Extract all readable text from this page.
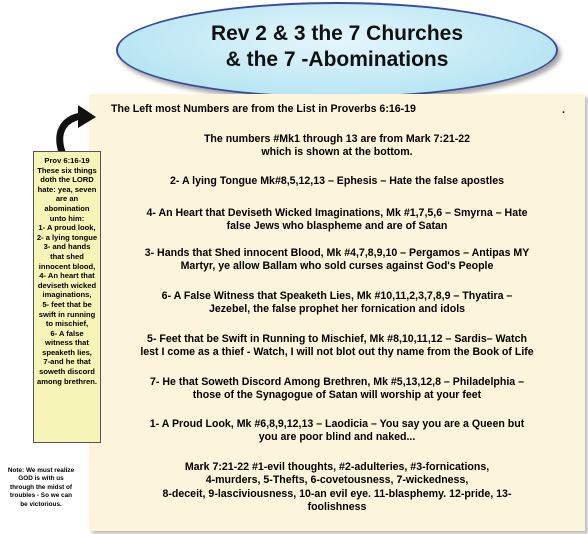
Rev 2 & 3 the 7 Churches
& the 7 -Abominations
The Left most Numbers are from the List in Proverbs 6:16-19	.
The numbers #Mk1 through 13 are from Mark 7:21-22
which is shown at the bottom.
2- A lying Tongue Mk#8,5,12,13 – Ephesis – Hate the false apostles
4- An Heart that Deviseth Wicked Imaginations, Mk #1,7,5,6 – Smyrna – Hate
false Jews who blaspheme and are of Satan
3- Hands that Shed innocent Blood, Mk #4,7,8,9,10 – Pergamos – Antipas MY
Martyr, ye allow Ballam who sold curses against God's People
6- A False Witness that Speaketh Lies, Mk #10,11,2,3,7,8,9 – Thyatira –
Jezebel, the false prophet her fornication and idols
5- Feet that be Swift in Running to Mischief, Mk #8,10,11,12 – Sardis– Watch
lest I come as a thief - Watch, I will not blot out thy name from the Book of Life
7- He that Soweth Discord Among Brethren, Mk #5,13,12,8 – Philadelphia –
those of the Synagogue of Satan will worship at your feet
1- A Proud Look, Mk #6,8,9,12,13 – Laodicia – You say you are a Queen but
you are poor blind and naked...
Mark 7:21-22 #1-evil thoughts, #2-adulteries, #3-fornications,
4-murders, 5-Thefts, 6-covetousness, 7-wickedness,
8-deceit, 9-lasciviousness, 10-an evil eye. 11-blasphemy. 12-pride, 13-
foolishness
Prov 6:16-19
These six things
doth the LORD
hate: yea, seven
are an
abomination
unto him:
1- A proud look,
2- a lying tongue
3- and hands
that shed
innocent blood,
4- An heart that
deviseth wicked
imaginations,
5- feet that be
swift in running
to mischief,
6- A false
witness that
speaketh lies,
7-and he that
soweth discord
among brethren.
Note: We must realize
GOD is with us
through the midst of
troubles - So we can
be victorious.
